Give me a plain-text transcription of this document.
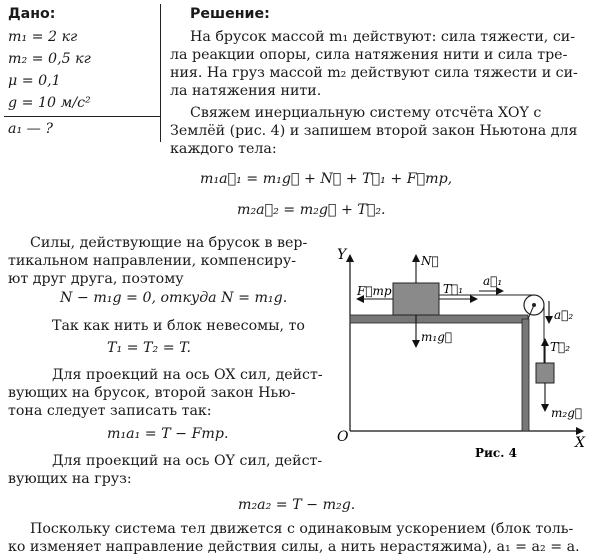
Дано:
m₁ = 2 кг
m₂ = 0,5 кг
μ = 0,1
g = 10 м/с²
a₁ — ?
Решение:
На брусок массой m₁ действуют: сила тяжести, си-
ла реакции опоры, сила натяжения нити и сила тре-
ния. На груз массой m₂ действуют сила тяжести и си-
ла натяжения нити.
Свяжем инерциальную систему отсчёта XOY с
Землёй (рис. 4) и запишем второй закон Ньютона для
каждого тела:
m₁a⃗₁ = m₁g⃗ + N⃗ + T⃗₁ + F⃗тр,
m₂a⃗₂ = m₂g⃗ + T⃗₂.
Силы, действующие на брусок в вер-
тикальном направлении, компенсиру-
ют друг друга, поэтому
N − m₁g = 0, откуда N = m₁g.
Так как нить и блок невесомы, то
T₁ = T₂ = T.
Для проекций на ось OX сил, дейст-
вующих на брусок, второй закон Нью-
тона следует записать так:
m₁a₁ = T − Fтр.
Для проекций на ось OY сил, дейст-
вующих на груз:
m₂a₂ = T − m₂g.
Поскольку система тел движется с одинаковым ускорением (блок толь-
ко изменяет направление действия силы, а нить нерастяжима), a₁ = a₂ = a.
Y
O	X
N⃗
F⃗тр	T⃗₁
a⃗₁
m₁g⃗
a⃗₂
T⃗₂
m₂g⃗
Рис. 4
